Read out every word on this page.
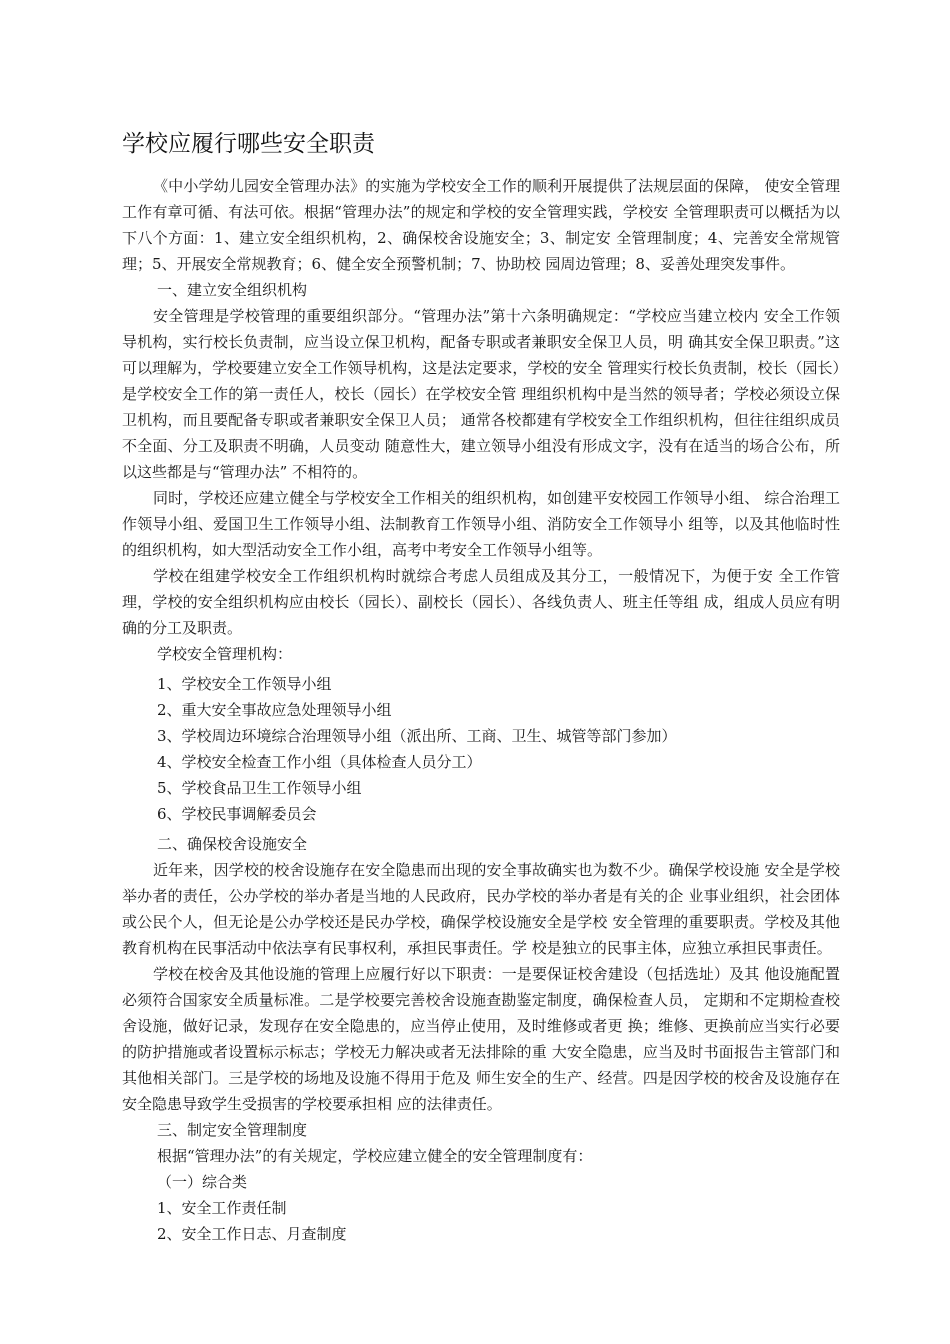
学校应履行哪些安全职责

《中小学幼儿园安全管理办法》的实施为学校安全工作的顺利开展提供了法规层面的保障， 使安全管理工作有章可循、有法可依。根据“管理办法”的规定和学校的安全管理实践，学校安 全管理职责可以概括为以下八个方面：1、建立安全组织机构，2、确保校舍设施安全；3、制定安 全管理制度；4、完善安全常规管理；5、开展安全常规教育；6、健全安全预警机制；7、协助校 园周边管理；8、妥善处理突发事件。

一、建立安全组织机构

安全管理是学校管理的重要组织部分。“管理办法”第十六条明确规定：“学校应当建立校内 安全工作领导机构，实行校长负责制，应当设立保卫机构，配备专职或者兼职安全保卫人员，明 确其安全保卫职责。”这可以理解为，学校要建立安全工作领导机构，这是法定要求，学校的安全 管理实行校长负责制，校长（园长）是学校安全工作的第一责任人，校长（园长）在学校安全管 理组织机构中是当然的领导者；学校必须设立保卫机构，而且要配备专职或者兼职安全保卫人员； 通常各校都建有学校安全工作组织机构，但往往组织成员不全面、分工及职责不明确，人员变动 随意性大，建立领导小组没有形成文字，没有在适当的场合公布，所以这些都是与“管理办法” 不相符的。

同时，学校还应建立健全与学校安全工作相关的组织机构，如创建平安校园工作领导小组、 综合治理工作领导小组、爱国卫生工作领导小组、法制教育工作领导小组、消防安全工作领导小 组等，以及其他临时性的组织机构，如大型活动安全工作小组，高考中考安全工作领导小组等。

学校在组建学校安全工作组织机构时就综合考虑人员组成及其分工，一般情况下，为便于安 全工作管理，学校的安全组织机构应由校长（园长）、副校长（园长）、各线负责人、班主任等组 成，组成人员应有明确的分工及职责。

学校安全管理机构：

1、学校安全工作领导小组
2、重大安全事故应急处理领导小组
3、学校周边环境综合治理领导小组（派出所、工商、卫生、城管等部门参加）
4、学校安全检查工作小组（具体检查人员分工）
5、学校食品卫生工作领导小组
6、学校民事调解委员会

二、确保校舍设施安全

近年来，因学校的校舍设施存在安全隐患而出现的安全事故确实也为数不少。确保学校设施 安全是学校举办者的责任，公办学校的举办者是当地的人民政府，民办学校的举办者是有关的企 业事业组织，社会团体或公民个人，但无论是公办学校还是民办学校，确保学校设施安全是学校 安全管理的重要职责。学校及其他教育机构在民事活动中依法享有民事权利，承担民事责任。学 校是独立的民事主体，应独立承担民事责任。

学校在校舍及其他设施的管理上应履行好以下职责：一是要保证校舍建设（包括选址）及其 他设施配置必须符合国家安全质量标准。二是学校要完善校舍设施查勘鉴定制度，确保检查人员， 定期和不定期检查校舍设施，做好记录，发现存在安全隐患的，应当停止使用，及时维修或者更 换；维修、更换前应当实行必要的防护措施或者设置标示标志；学校无力解决或者无法排除的重 大安全隐患，应当及时书面报告主管部门和其他相关部门。三是学校的场地及设施不得用于危及 师生安全的生产、经营。四是因学校的校舍及设施存在安全隐患导致学生受损害的学校要承担相 应的法律责任。

三、制定安全管理制度

根据“管理办法”的有关规定，学校应建立健全的安全管理制度有：

（一）综合类

1、安全工作责任制
2、安全工作日志、月查制度
